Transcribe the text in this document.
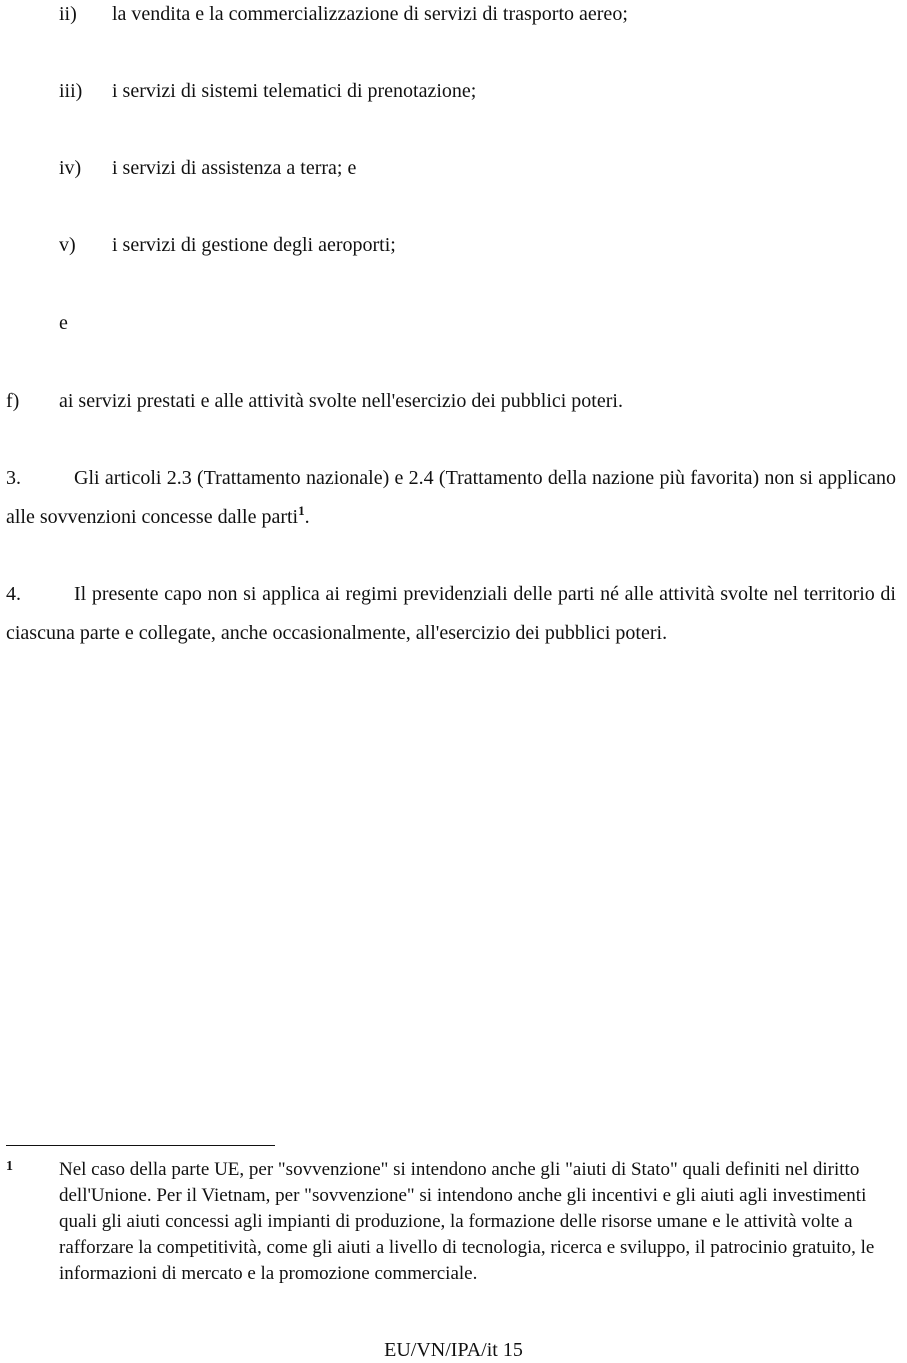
ii) la vendita e la commercializzazione di servizi di trasporto aereo;
iii) i servizi di sistemi telematici di prenotazione;
iv) i servizi di assistenza a terra; e
v) i servizi di gestione degli aeroporti;
e
f) ai servizi prestati e alle attività svolte nell'esercizio dei pubblici poteri.
3.	Gli articoli 2.3 (Trattamento nazionale) e 2.4 (Trattamento della nazione più favorita) non si applicano alle sovvenzioni concesse dalle parti$^1$.
4.	Il presente capo non si applica ai regimi previdenziali delle parti né alle attività svolte nel territorio di ciascuna parte e collegate, anche occasionalmente, all'esercizio dei pubblici poteri.
1 Nel caso della parte UE, per "sovvenzione" si intendono anche gli "aiuti di Stato" quali definiti nel diritto dell'Unione. Per il Vietnam, per "sovvenzione" si intendono anche gli incentivi e gli aiuti agli investimenti quali gli aiuti concessi agli impianti di produzione, la formazione delle risorse umane e le attività volte a rafforzare la competitività, come gli aiuti a livello di tecnologia, ricerca e sviluppo, il patrocinio gratuito, le informazioni di mercato e la promozione commerciale.
EU/VN/IPA/it 15
